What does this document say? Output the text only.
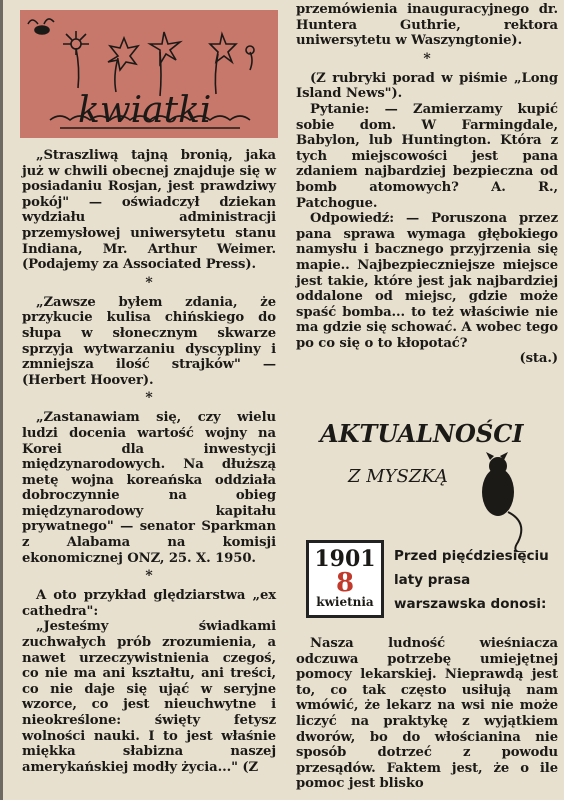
kwiatki

„Straszliwą tajną bronią, jaka już w chwili obecnej znajduje się w posiadaniu Rosjan, jest prawdziwy pokój" — oświadczył dziekan wydziału administracji przemysłowej uniwersytetu stanu Indiana, Mr. Arthur Weimer. (Podajemy za Associated Press).

*

„Zawsze byłem zdania, że przykucie kulisa chińskiego do słupa w słonecznym skwarze sprzyja wytwarzaniu dyscypliny i zmniejsza ilość strajków" — (Herbert Hoover).

*

„Zastanawiam się, czy wielu ludzi docenia wartość wojny na Korei dla inwestycji międzynarodowych. Na dłuższą metę wojna koreańska oddziała dobroczynnie na obieg międzynarodowy kapitału prywatnego" — senator Sparkman z Alabama na komisji ekonomicznej ONZ, 25. X. 1950.

*

A oto przykład ględziarstwa „ex cathedra":

„Jesteśmy świadkami zuchwałych prób zrozumienia, a nawet urzeczywistnienia czegoś, co nie ma ani kształtu, ani treści, co nie daje się ująć w seryjne wzorce, co jest nieuchwytne i nieokreślone: święty fetysz wolności nauki. I to jest właśnie miękka słabizna naszej amerykańskiej modły życia..." (Z

przemówienia inauguracyjnego dr. Huntera Guthrie, rektora uniwersytetu w Waszyngtonie).

*

(Z rubryki porad w piśmie „Long Island News").

Pytanie: — Zamierzamy kupić sobie dom. W Farmingdale, Babylon, lub Huntington. Która z tych miejscowości jest pana zdaniem najbardziej bezpieczna od bomb atomowych? A. R., Patchogue.

Odpowiedź: — Poruszona przez pana sprawa wymaga głębokiego namysłu i bacznego przyjrzenia się mapie.. Najbezpieczniejsze miejsce jest takie, które jest jak najbardziej oddalone od miejsc, gdzie może spaść bomba... to też właściwie nie ma gdzie się schować. A wobec tego po co się o to kłopotać?

(sta.)

AKTUALNOŚCI
Z MYSZKĄ
1901
8
kwietnia
Przed pięćdziesięciu laty prasa warszawska donosi:

Nasza ludność wieśniacza odczuwa potrzebę umiejętnej pomocy lekarskiej. Nieprawdą jest to, co tak często usiłują nam wmówić, że lekarz na wsi nie może liczyć na praktykę z wyjątkiem dworów, bo do włościanina nie sposób dotrzeć z powodu przesądów. Faktem jest, że o ile pomoc jest blisko
